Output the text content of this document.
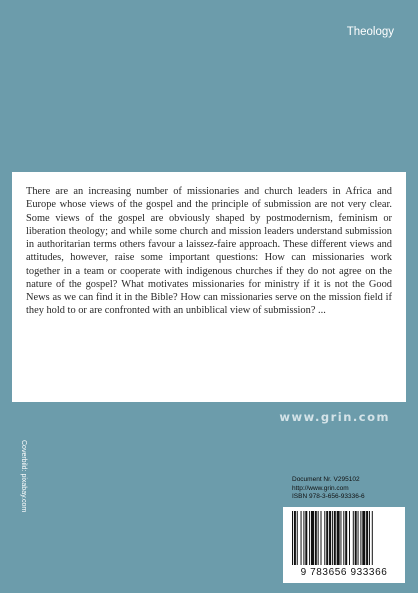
Theology

There are an increasing number of missionaries and church leaders in Africa and Europe whose views of the gospel and the principle of submission are not very clear. Some views of the gospel are obviously shaped by postmodernism, feminism or liberation theology; and while some church and mission leaders understand submission in authoritarian terms others favour a laissez-faire approach. These different views and attitudes, however, raise some important questions: How can missionaries work together in a team or cooperate with indigenous churches if they do not agree on the nature of the gospel? What motivates missionaries for ministry if it is not the Good News as we can find it in the Bible? How can missionaries serve on the mission field if they hold to or are confronted with an unbiblical view of submission? ...

www.grin.com
Coverbild: pixabay.com	Document Nr. V295102
http://www.grin.com
ISBN 978-3-656-93336-6
9 783656 933366
